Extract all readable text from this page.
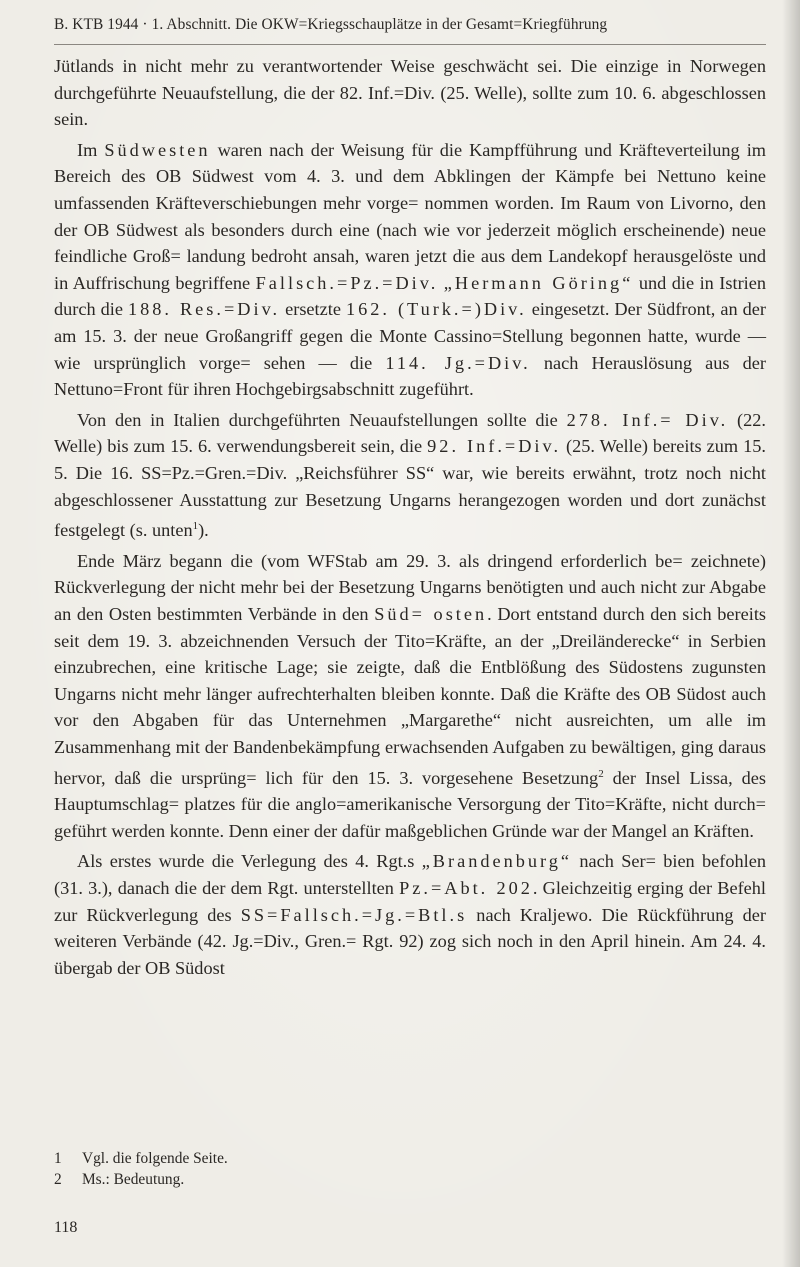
B. KTB 1944 · 1. Abschnitt. Die OKW=Kriegsschauplätze in der Gesamt=Kriegführung

Jütlands in nicht mehr zu verantwortender Weise geschwächt sei. Die einzige in Norwegen durchgeführte Neuaufstellung, die der 82. Inf.=Div. (25. Welle), sollte zum 10. 6. abgeschlossen sein.

Im Südwesten waren nach der Weisung für die Kampfführung und Kräfteverteilung im Bereich des OB Südwest vom 4. 3. und dem Abklingen der Kämpfe bei Nettuno keine umfassenden Kräfteverschiebungen mehr vorge= nommen worden. Im Raum von Livorno, den der OB Südwest als besonders durch eine (nach wie vor jederzeit möglich erscheinende) neue feindliche Groß= landung bedroht ansah, waren jetzt die aus dem Landekopf herausgelöste und in Auffrischung begriffene Fallsch.=Pz.=Div. „Hermann Göring“ und die in Istrien durch die 188. Res.=Div. ersetzte 162. (Turk.=)Div. eingesetzt. Der Südfront, an der am 15. 3. der neue Großangriff gegen die Monte Cassino=Stellung begonnen hatte, wurde — wie ursprünglich vorge= sehen — die 114. Jg.=Div. nach Herauslösung aus der Nettuno=Front für ihren Hochgebirgsabschnitt zugeführt.

Von den in Italien durchgeführten Neuaufstellungen sollte die 278. Inf.= Div. (22. Welle) bis zum 15. 6. verwendungsbereit sein, die 92. Inf.=Div. (25. Welle) bereits zum 15. 5. Die 16. SS=Pz.=Gren.=Div. „Reichsführer SS“ war, wie bereits erwähnt, trotz noch nicht abgeschlossener Ausstattung zur Besetzung Ungarns herangezogen worden und dort zunächst festgelegt (s. unten$^1$).

Ende März begann die (vom WFStab am 29. 3. als dringend erforderlich be= zeichnete) Rückverlegung der nicht mehr bei der Besetzung Ungarns benötigten und auch nicht zur Abgabe an den Osten bestimmten Verbände in den Süd= osten. Dort entstand durch den sich bereits seit dem 19. 3. abzeichnenden Versuch der Tito=Kräfte, an der „Dreiländerecke“ in Serbien einzubrechen, eine kritische Lage; sie zeigte, daß die Entblößung des Südostens zugunsten Ungarns nicht mehr länger aufrechterhalten bleiben konnte. Daß die Kräfte des OB Südost auch vor den Abgaben für das Unternehmen „Margarethe“ nicht ausreichten, um alle im Zusammenhang mit der Bandenbekämpfung erwachsenden Aufgaben zu bewältigen, ging daraus hervor, daß die ursprüng= lich für den 15. 3. vorgesehene Besetzung$^2$ der Insel Lissa, des Hauptumschlag= platzes für die anglo=amerikanische Versorgung der Tito=Kräfte, nicht durch= geführt werden konnte. Denn einer der dafür maßgeblichen Gründe war der Mangel an Kräften.

Als erstes wurde die Verlegung des 4. Rgt.s „Brandenburg“ nach Ser= bien befohlen (31. 3.), danach die der dem Rgt. unterstellten Pz.=Abt. 202. Gleichzeitig erging der Befehl zur Rückverlegung des SS=Fallsch.=Jg.=Btl.s nach Kraljewo. Die Rückführung der weiteren Verbände (42. Jg.=Div., Gren.= Rgt. 92) zog sich noch in den April hinein. Am 24. 4. übergab der OB Südost

1	Vgl. die folgende Seite.
2	Ms.: Bedeutung.
118
